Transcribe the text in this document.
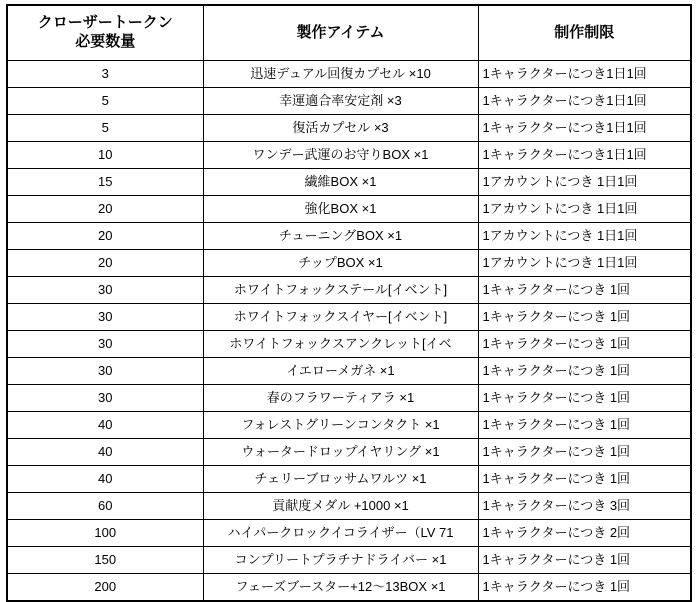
クローザートークン
必要数量	製作アイテム	制作制限
3	迅速デュアル回復カプセル ×10	1キャラクターにつき1日1回
5	幸運適合率安定剤 ×3	1キャラクターにつき1日1回
5	復活カプセル ×3	1キャラクターにつき1日1回
10	ワンデー武運のお守りBOX ×1	1キャラクターにつき1日1回
15	繊維BOX ×1	1アカウントにつき 1日1回
20	強化BOX ×1	1アカウントにつき 1日1回
20	チューニングBOX ×1	1アカウントにつき 1日1回
20	チップBOX ×1	1アカウントにつき 1日1回
30	ホワイトフォックステール[イベント]	1キャラクターにつき 1回
30	ホワイトフォックスイヤー[イベント]	1キャラクターにつき 1回
30	ホワイトフォックスアンクレット[イベ	1キャラクターにつき 1回
30	イエローメガネ ×1	1キャラクターにつき 1回
30	春のフラワーティアラ ×1	1キャラクターにつき 1回
40	フォレストグリーンコンタクト ×1	1キャラクターにつき 1回
40	ウォータードロップイヤリング ×1	1キャラクターにつき 1回
40	チェリーブロッサムワルツ ×1	1キャラクターにつき 1回
60	貢献度メダル +1000 ×1	1キャラクターにつき 3回
100	ハイパークロックイコライザー（LV 71	1キャラクターにつき 2回
150	コンプリートプラチナドライバー ×1	1キャラクターにつき 1回
200	フェーズブースター+12〜13BOX ×1	1キャラクターにつき 1回
